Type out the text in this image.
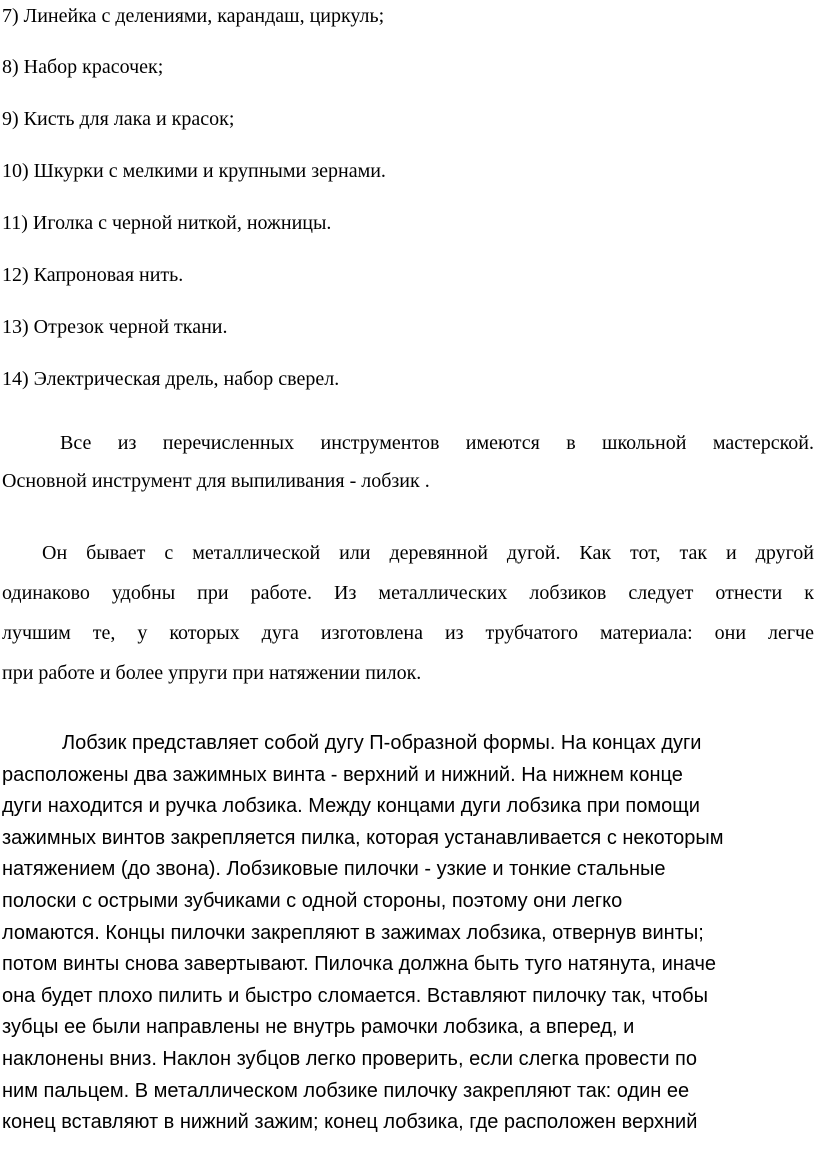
7) Линейка с делениями, карандаш, циркуль;
8) Набор красочек;
9) Кисть для лака и красок;
10) Шкурки с мелкими и крупными зернами.
11) Иголка с черной ниткой, ножницы.
12) Капроновая нить.
13) Отрезок черной ткани.
14) Электрическая дрель, набор сверел.
Все из перечисленных инструментов имеются в школьной мастерской.
Основной инструмент для выпиливания - лобзик .
Он бывает с металлической или деревянной дугой. Как тот, так и другой
одинаково удобны при работе. Из металлических лобзиков следует отнести к
лучшим те, у которых дуга изготовлена из трубчатого материала: они легче
при работе и более упруги при натяжении пилок.
Лобзик представляет собой дугу П-образной формы. На концах дуги
расположены два зажимных винта - верхний и нижний. На нижнем конце
дуги находится и ручка лобзика. Между концами дуги лобзика при помощи
зажимных винтов закрепляется пилка, которая устанавливается с некоторым
натяжением (до звона). Лобзиковые пилочки - узкие и тонкие стальные
полоски с острыми зубчиками с одной стороны, поэтому они легко
ломаются. Концы пилочки закрепляют в зажимах лобзика, отвернув винты;
потом винты снова завертывают. Пилочка должна быть туго натянута, иначе
она будет плохо пилить и быстро сломается. Вставляют пилочку так, чтобы
зубцы ее были направлены не внутрь рамочки лобзика, а вперед, и
наклонены вниз. Наклон зубцов легко проверить, если слегка провести по
ним пальцем. В металлическом лобзике пилочку закрепляют так: один ее
конец вставляют в нижний зажим; конец лобзика, где расположен верхний
